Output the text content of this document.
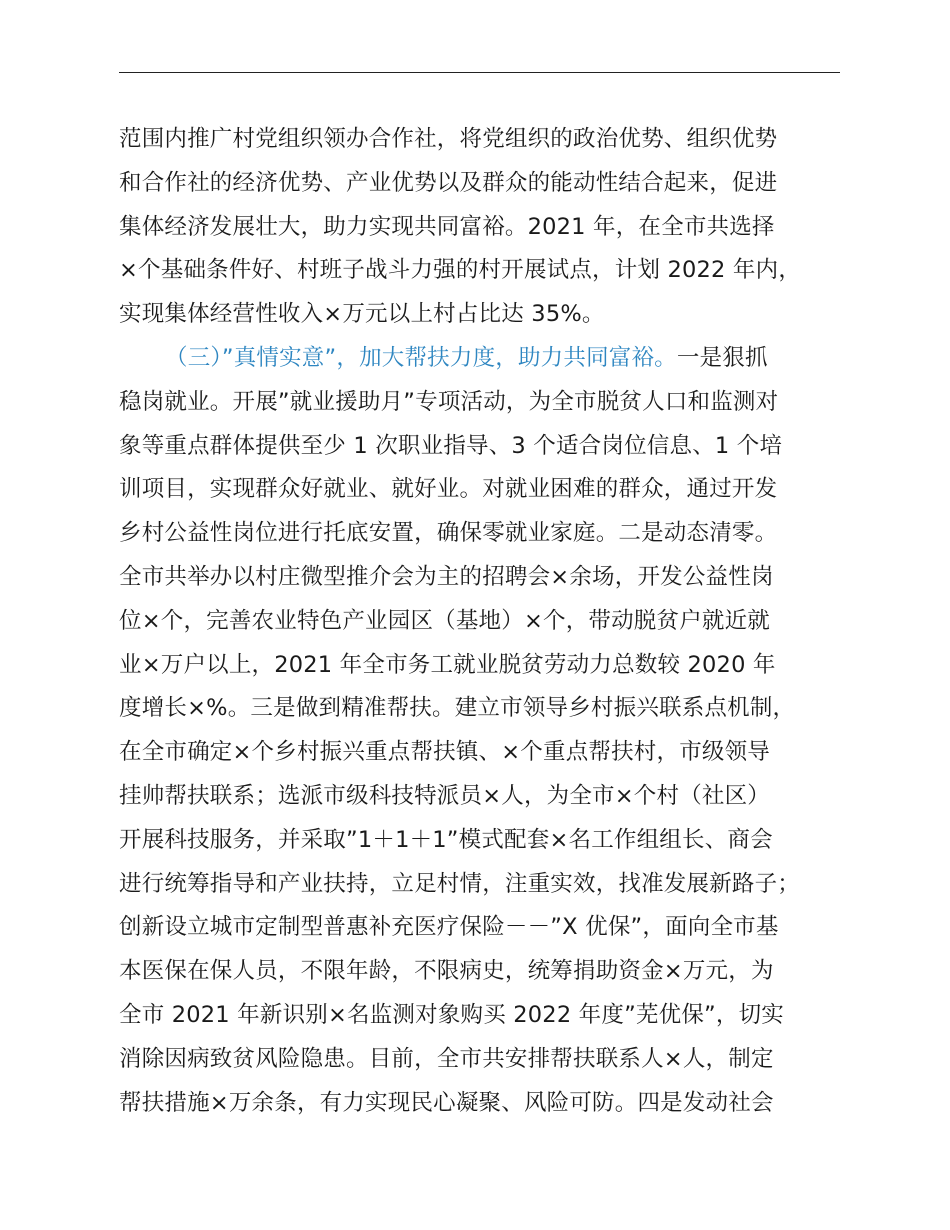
范围内推广村党组织领办合作社，将党组织的政治优势、组织优势
和合作社的经济优势、产业优势以及群众的能动性结合起来，促进
集体经济发展壮大，助力实现共同富裕。2021 年，在全市共选择
×个基础条件好、村班子战斗力强的村开展试点，计划 2022 年内，
实现集体经营性收入×万元以上村占比达 35%。
（三）”真情实意”，加大帮扶力度，助力共同富裕。一是狠抓
稳岗就业。开展”就业援助月”专项活动，为全市脱贫人口和监测对
象等重点群体提供至少 1 次职业指导、3 个适合岗位信息、1 个培
训项目，实现群众好就业、就好业。对就业困难的群众，通过开发
乡村公益性岗位进行托底安置，确保零就业家庭。二是动态清零。
全市共举办以村庄微型推介会为主的招聘会×余场，开发公益性岗
位×个，完善农业特色产业园区（基地）×个，带动脱贫户就近就
业×万户以上，2021 年全市务工就业脱贫劳动力总数较 2020 年
度增长×%。三是做到精准帮扶。建立市领导乡村振兴联系点机制，
在全市确定×个乡村振兴重点帮扶镇、×个重点帮扶村，市级领导
挂帅帮扶联系；选派市级科技特派员×人，为全市×个村（社区）
开展科技服务，并采取”1＋1＋1”模式配套×名工作组组长、商会
进行统筹指导和产业扶持，立足村情，注重实效，找准发展新路子；
创新设立城市定制型普惠补充医疗保险－－”X 优保”，面向全市基
本医保在保人员，不限年龄，不限病史，统筹捐助资金×万元，为
全市 2021 年新识别×名监测对象购买 2022 年度”芜优保”，切实
消除因病致贫风险隐患。目前，全市共安排帮扶联系人×人，制定
帮扶措施×万余条，有力实现民心凝聚、风险可防。四是发动社会
